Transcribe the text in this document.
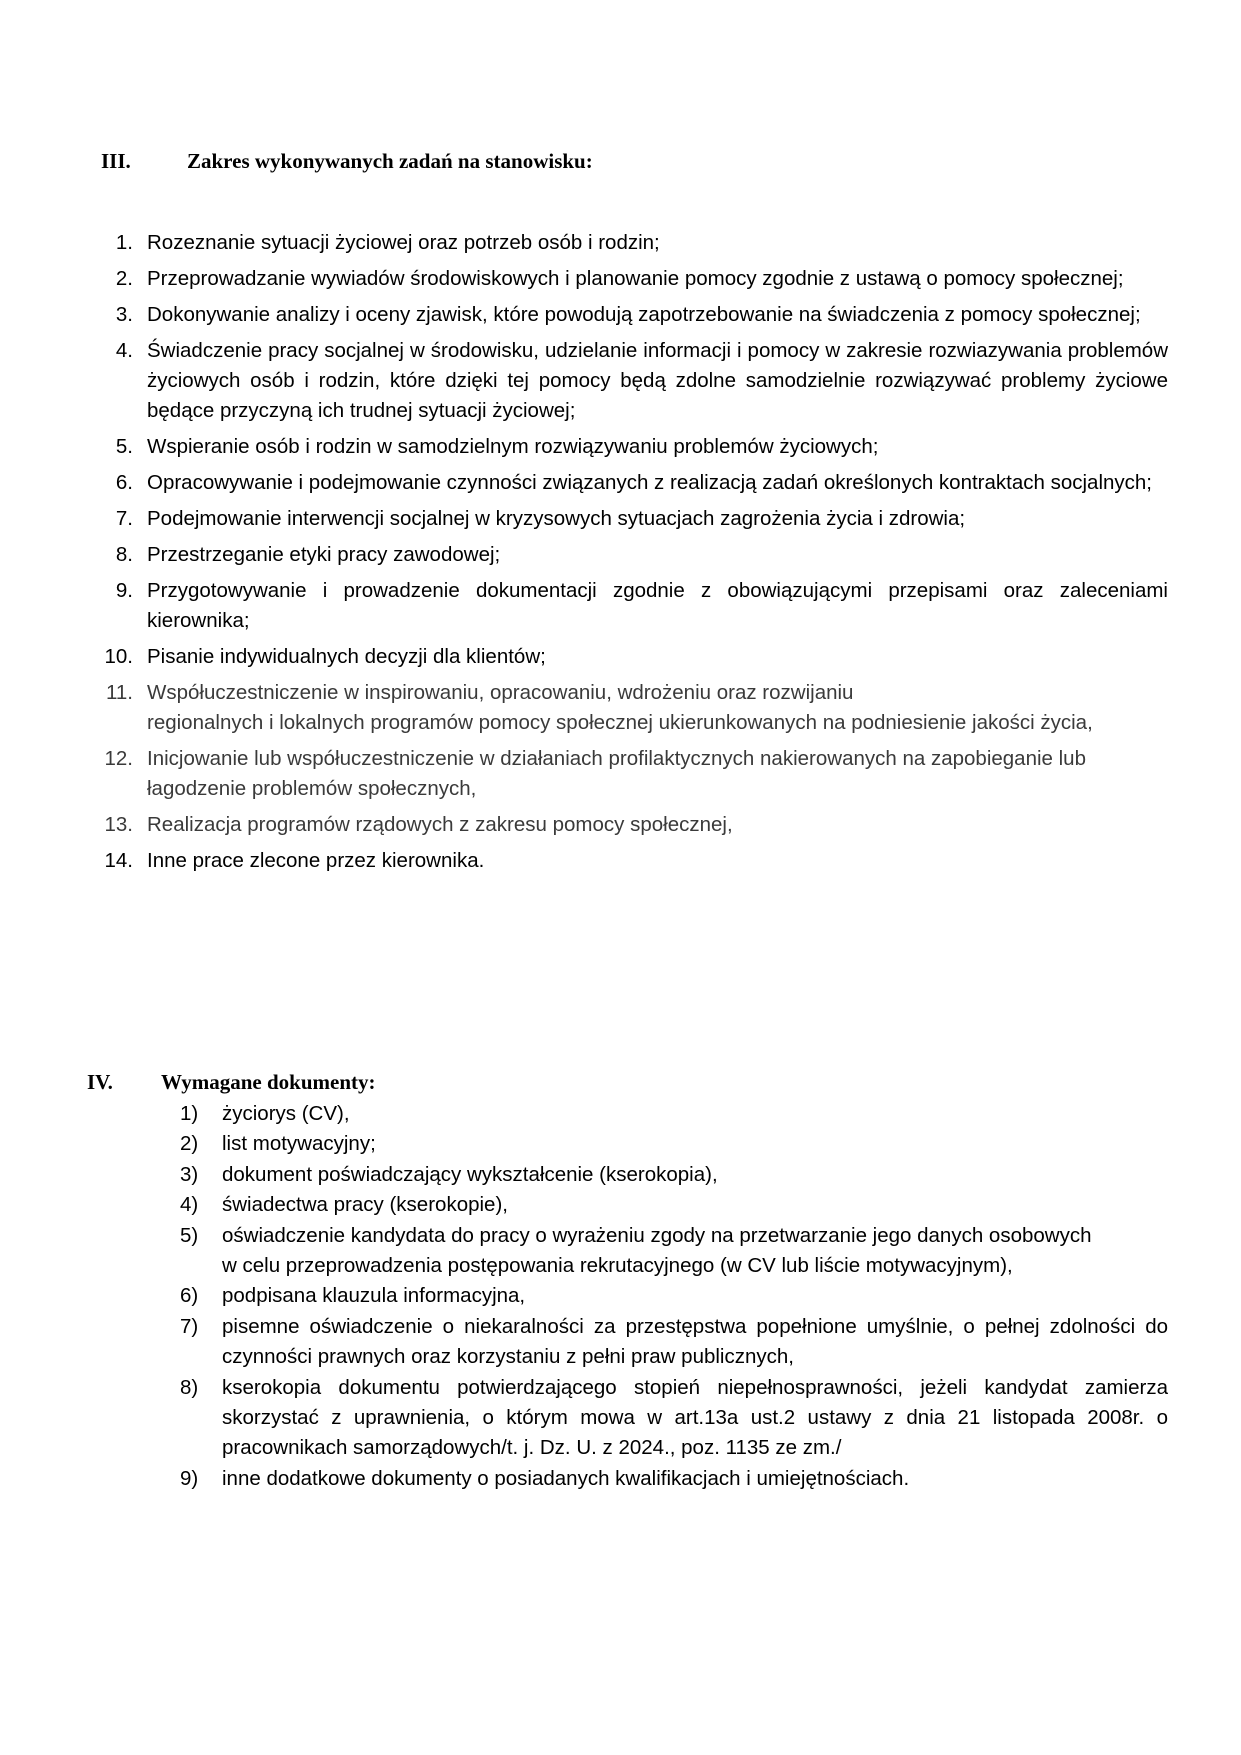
III.	Zakres wykonywanych zadań na stanowisku:
1. Rozeznanie sytuacji życiowej oraz potrzeb osób i rodzin;
2. Przeprowadzanie wywiadów środowiskowych i planowanie pomocy zgodnie z ustawą o pomocy społecznej;
3. Dokonywanie analizy i oceny zjawisk, które powodują zapotrzebowanie na świadczenia z pomocy społecznej;
4. Świadczenie pracy socjalnej w środowisku, udzielanie informacji i pomocy w zakresie rozwiazywania problemów życiowych osób i rodzin, które dzięki tej pomocy będą zdolne samodzielnie rozwiązywać problemy życiowe będące przyczyną ich trudnej sytuacji życiowej;
5. Wspieranie osób i rodzin w samodzielnym rozwiązywaniu problemów życiowych;
6. Opracowywanie i podejmowanie czynności związanych z realizacją zadań określonych kontraktach socjalnych;
7. Podejmowanie interwencji socjalnej w kryzysowych sytuacjach zagrożenia życia i zdrowia;
8. Przestrzeganie etyki pracy zawodowej;
9. Przygotowywanie i prowadzenie dokumentacji zgodnie z obowiązującymi przepisami oraz zaleceniami kierownika;
10. Pisanie indywidualnych decyzji dla klientów;
11. Współuczestniczenie w inspirowaniu, opracowaniu, wdrożeniu oraz rozwijaniu
regionalnych i lokalnych programów pomocy społecznej ukierunkowanych na podniesienie jakości życia,
12. Inicjowanie lub współuczestniczenie w działaniach profilaktycznych nakierowanych na zapobieganie lub łagodzenie problemów społecznych,
13. Realizacja programów rządowych z zakresu pomocy społecznej,
14. Inne prace zlecone przez kierownika.
IV. Wymagane dokumenty:
1)	życiorys (CV),
2)	list motywacyjny;
3)	dokument poświadczający wykształcenie (kserokopia),
4)	świadectwa pracy (kserokopie),
5)	oświadczenie kandydata do pracy o wyrażeniu zgody na przetwarzanie jego danych osobowych
w celu przeprowadzenia postępowania rekrutacyjnego (w CV lub liście motywacyjnym),
6)	podpisana klauzula informacyjna,
7)	pisemne oświadczenie o niekaralności za przestępstwa popełnione umyślnie, o pełnej zdolności do czynności prawnych oraz korzystaniu z pełni praw publicznych,
8)	kserokopia dokumentu potwierdzającego stopień niepełnosprawności, jeżeli kandydat zamierza skorzystać z uprawnienia, o którym mowa w art.13a ust.2 ustawy z dnia 21 listopada 2008r. o pracownikach samorządowych/t. j. Dz. U. z 2024., poz. 1135 ze zm./
9)	inne dodatkowe dokumenty o posiadanych kwalifikacjach i umiejętnościach.
